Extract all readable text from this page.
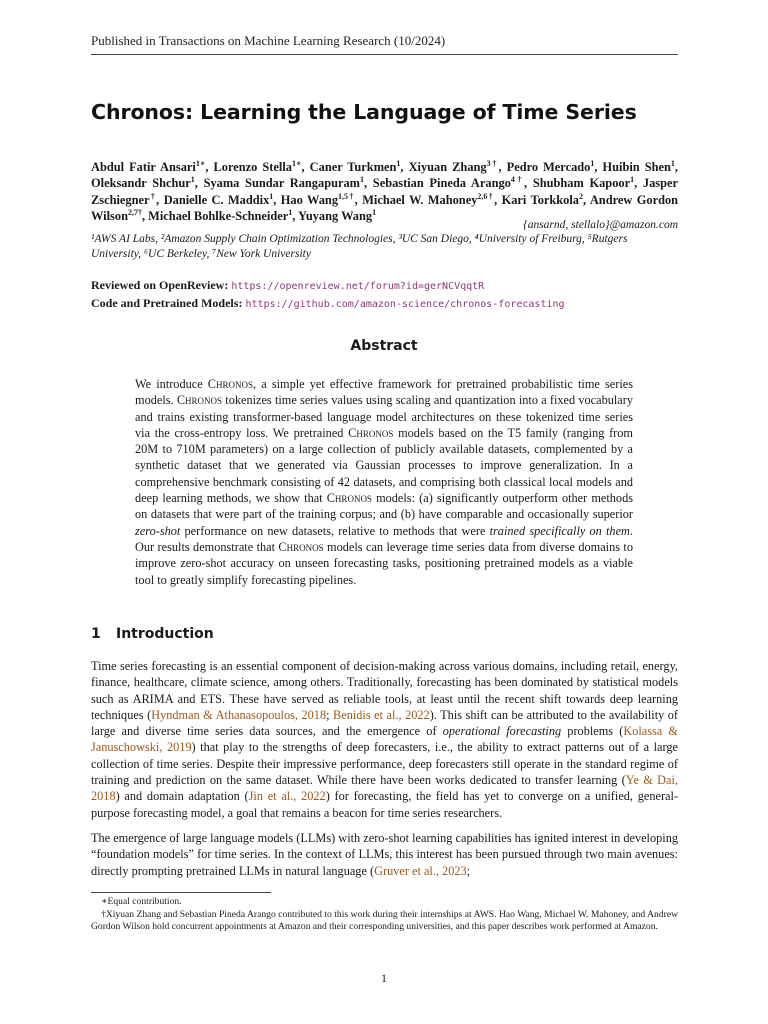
Published in Transactions on Machine Learning Research (10/2024)
Chronos: Learning the Language of Time Series
Abdul Fatir Ansari$^{1∗}$, Lorenzo Stella$^{1∗}$, Caner Turkmen$^1$, Xiyuan Zhang$^{3\dagger}$, Pedro Mercado$^1$, Huibin Shen$^1$, Oleksandr Shchur$^1$, Syama Sundar Rangapuram$^1$, Sebastian Pineda Arango$^{4\dagger}$, Shubham Kapoor$^1$, Jasper Zschiegner†, Danielle C. Maddix$^1$, Hao Wang$^{1,5\dagger}$, Michael W. Mahoney$^{2,6\dagger}$, Kari Torkkola$^2$, Andrew Gordon Wilson$^{2,7\dagger}$, Michael Bohlke-Schneider$^1$, Yuyang Wang$^1$
{ansarnd, stellalo}@amazon.com
¹AWS AI Labs, ²Amazon Supply Chain Optimization Technologies, ³UC San Diego, ⁴University of Freiburg, ⁵Rutgers University, ⁶UC Berkeley, ⁷New York University
Reviewed on OpenReview: https://openreview.net/forum?id=gerNCVqqtR
Code and Pretrained Models: https://github.com/amazon-science/chronos-forecasting
Abstract
We introduce Chronos, a simple yet effective framework for pretrained probabilistic time series models. Chronos tokenizes time series values using scaling and quantization into a fixed vocabulary and trains existing transformer-based language model architectures on these tokenized time series via the cross-entropy loss. We pretrained Chronos models based on the T5 family (ranging from 20M to 710M parameters) on a large collection of publicly available datasets, complemented by a synthetic dataset that we generated via Gaussian processes to improve generalization. In a comprehensive benchmark consisting of 42 datasets, and comprising both classical local models and deep learning methods, we show that Chronos models: (a) significantly outperform other methods on datasets that were part of the training corpus; and (b) have comparable and occasionally superior zero-shot performance on new datasets, relative to methods that were trained specifically on them. Our results demonstrate that Chronos models can leverage time series data from diverse domains to improve zero-shot accuracy on unseen forecasting tasks, positioning pretrained models as a viable tool to greatly simplify forecasting pipelines.
1 Introduction

Time series forecasting is an essential component of decision-making across various domains, including retail, energy, finance, healthcare, climate science, among others. Traditionally, forecasting has been dominated by statistical models such as ARIMA and ETS. These have served as reliable tools, at least until the recent shift towards deep learning techniques (Hyndman & Athanasopoulos, 2018; Benidis et al., 2022). This shift can be attributed to the availability of large and diverse time series data sources, and the emergence of operational forecasting problems (Kolassa & Januschowski, 2019) that play to the strengths of deep forecasters, i.e., the ability to extract patterns out of a large collection of time series. Despite their impressive performance, deep forecasters still operate in the standard regime of training and prediction on the same dataset. While there have been works dedicated to transfer learning (Ye & Dai, 2018) and domain adaptation (Jin et al., 2022) for forecasting, the field has yet to converge on a unified, general-purpose forecasting model, a goal that remains a beacon for time series researchers.

The emergence of large language models (LLMs) with zero-shot learning capabilities has ignited interest in developing “foundation models” for time series. In the context of LLMs, this interest has been pursued through two main avenues: directly prompting pretrained LLMs in natural language (Gruver et al., 2023;

∗Equal contribution.
†Xiyuan Zhang and Sebastian Pineda Arango contributed to this work during their internships at AWS. Hao Wang, Michael W. Mahoney, and Andrew Gordon Wilson hold concurrent appointments at Amazon and their corresponding universities, and this paper describes work performed at Amazon.
1
